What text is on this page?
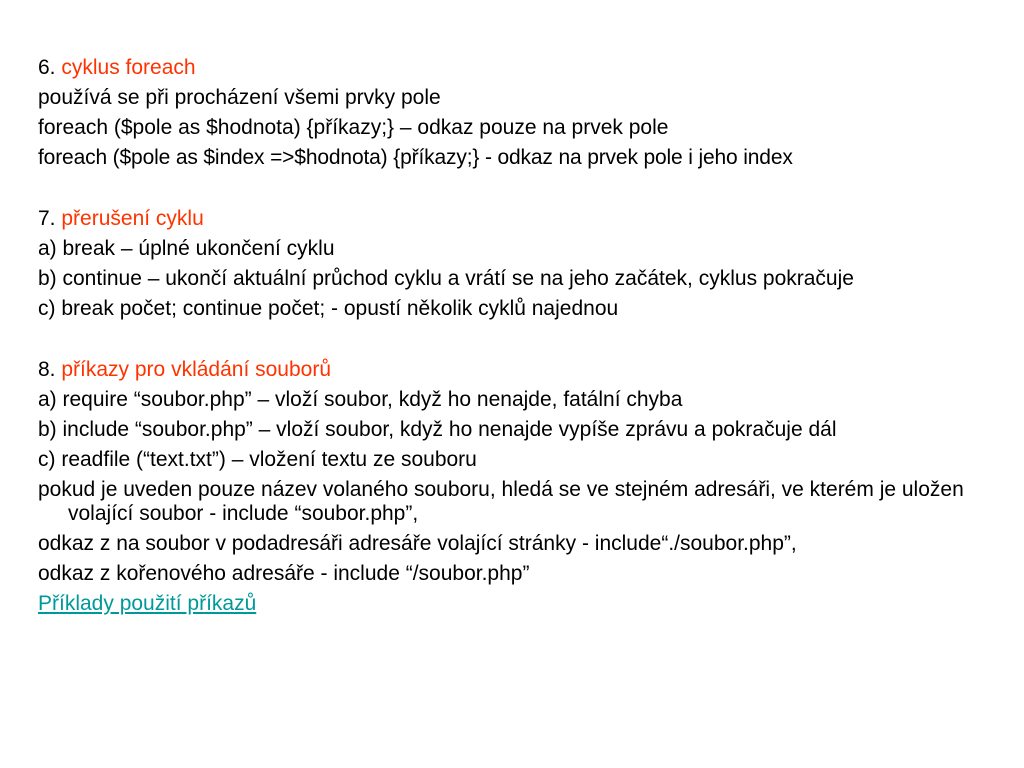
6. cyklus foreach

používá se při procházení všemi prvky pole

foreach ($pole as $hodnota) {příkazy;} – odkaz pouze na prvek pole

foreach ($pole as $index =>$hodnota) {příkazy;} - odkaz na prvek pole i jeho index

7. přerušení cyklu

a) break – úplné ukončení cyklu

b) continue – ukončí aktuální průchod cyklu a vrátí se na jeho začátek, cyklus pokračuje

c) break počet; continue počet; - opustí několik cyklů najednou

8. příkazy pro vkládání souborů

a) require “soubor.php” – vloží soubor, když ho nenajde, fatální chyba

b) include “soubor.php” – vloží soubor, když ho nenajde vypíše zprávu a pokračuje dál

c) readfile (“text.txt”) – vložení textu ze souboru

pokud je uveden pouze název volaného souboru, hledá se ve stejném adresáři, ve kterém je uložen volající soubor - include “soubor.php”,

odkaz z na soubor v podadresáři adresáře volající stránky - include“./soubor.php”,

odkaz z kořenového adresáře - include “/soubor.php”

Příklady použití příkazů
